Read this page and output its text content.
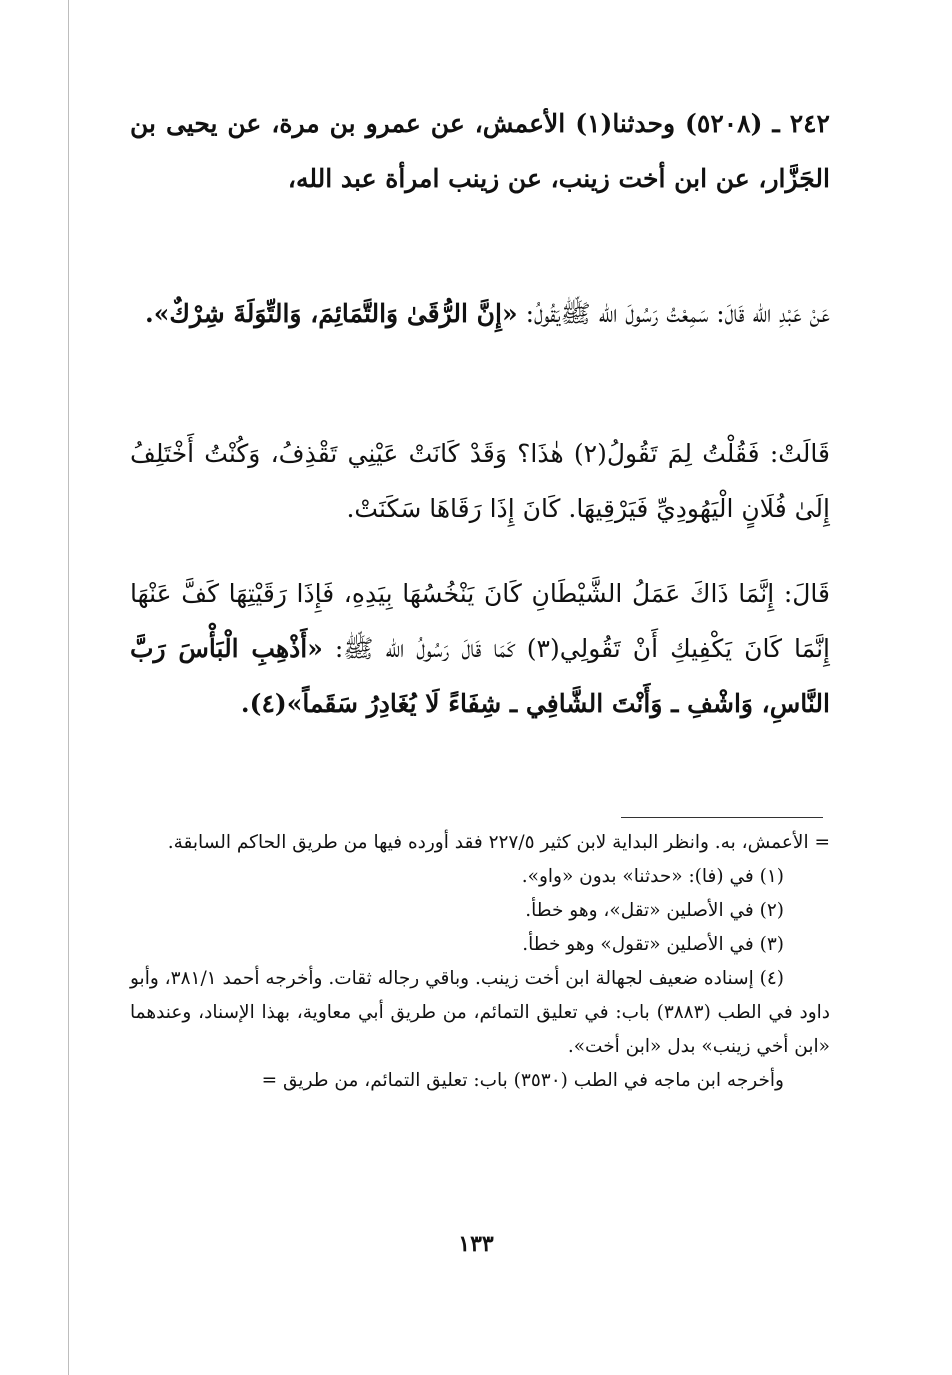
٢٤٢ ـ (٥٢٠٨) وحدثنا(١) الأعمش، عن عمرو بن مرة، عن يحيى بن الجَزَّار، عن ابن أخت زينب، عن زينب امرأة عبد الله،

عَنْ عَبْدِ الله قَالَ: سَمِعْتُ رَسُولَ الله ﷺيَقُولُ: «إِنَّ الرُّقَىٰ وَالتَّمَائِمَ، وَالتِّوَلَةَ شِرْكٌ».

قَالَتْ: فَقُلْتُ لِمَ تَقُولُ(٢) هٰذَا؟ وَقَدْ كَانَتْ عَيْنِي تَقْذِفُ، وَكُنْتُ أَخْتَلِفُ إِلَىٰ فُلَانٍ الْيَهُودِيِّ فَيَرْقِيهَا. كَانَ إِذَا رَقَاهَا سَكَنَتْ.

قَالَ: إِنَّمَا ذَاكَ عَمَلُ الشَّيْطَانِ كَانَ يَنْخُسُهَا بِيَدِهِ، فَإِذَا رَقَيْتِهَا كَفَّ عَنْهَا إِنَّمَا كَانَ يَكْفِيكِ أَنْ تَقُولِي(٣) كَمَا قَالَ رَسُولُ الله ﷺ: «أَذْهِبِ الْبَأْسَ رَبَّ النَّاسِ، وَاشْفِ ـ وَأَنْتَ الشَّافِي ـ شِفَاءً لَا يُغَادِرُ سَقَماً»(٤).

= الأعمش، به. وانظر البداية لابن كثير ٢٢٧/٥ فقد أورده فيها من طريق الحاكم السابقة.

(١) في (فا): «حدثنا» بدون «واو».

(٢) في الأصلين «تقل»، وهو خطأ.

(٣) في الأصلين «تقول» وهو خطأ.

(٤) إسناده ضعيف لجهالة ابن أخت زينب. وباقي رجاله ثقات. وأخرجه أحمد ٣٨١/١، وأبو داود في الطب (٣٨٨٣) باب: في تعليق التمائم، من طريق أبي معاوية، بهذا الإسناد، وعندهما «ابن أخي زينب» بدل «ابن أخت».

وأخرجه ابن ماجه في الطب (٣٥٣٠) باب: تعليق التمائم، من طريق =

١٣٣
